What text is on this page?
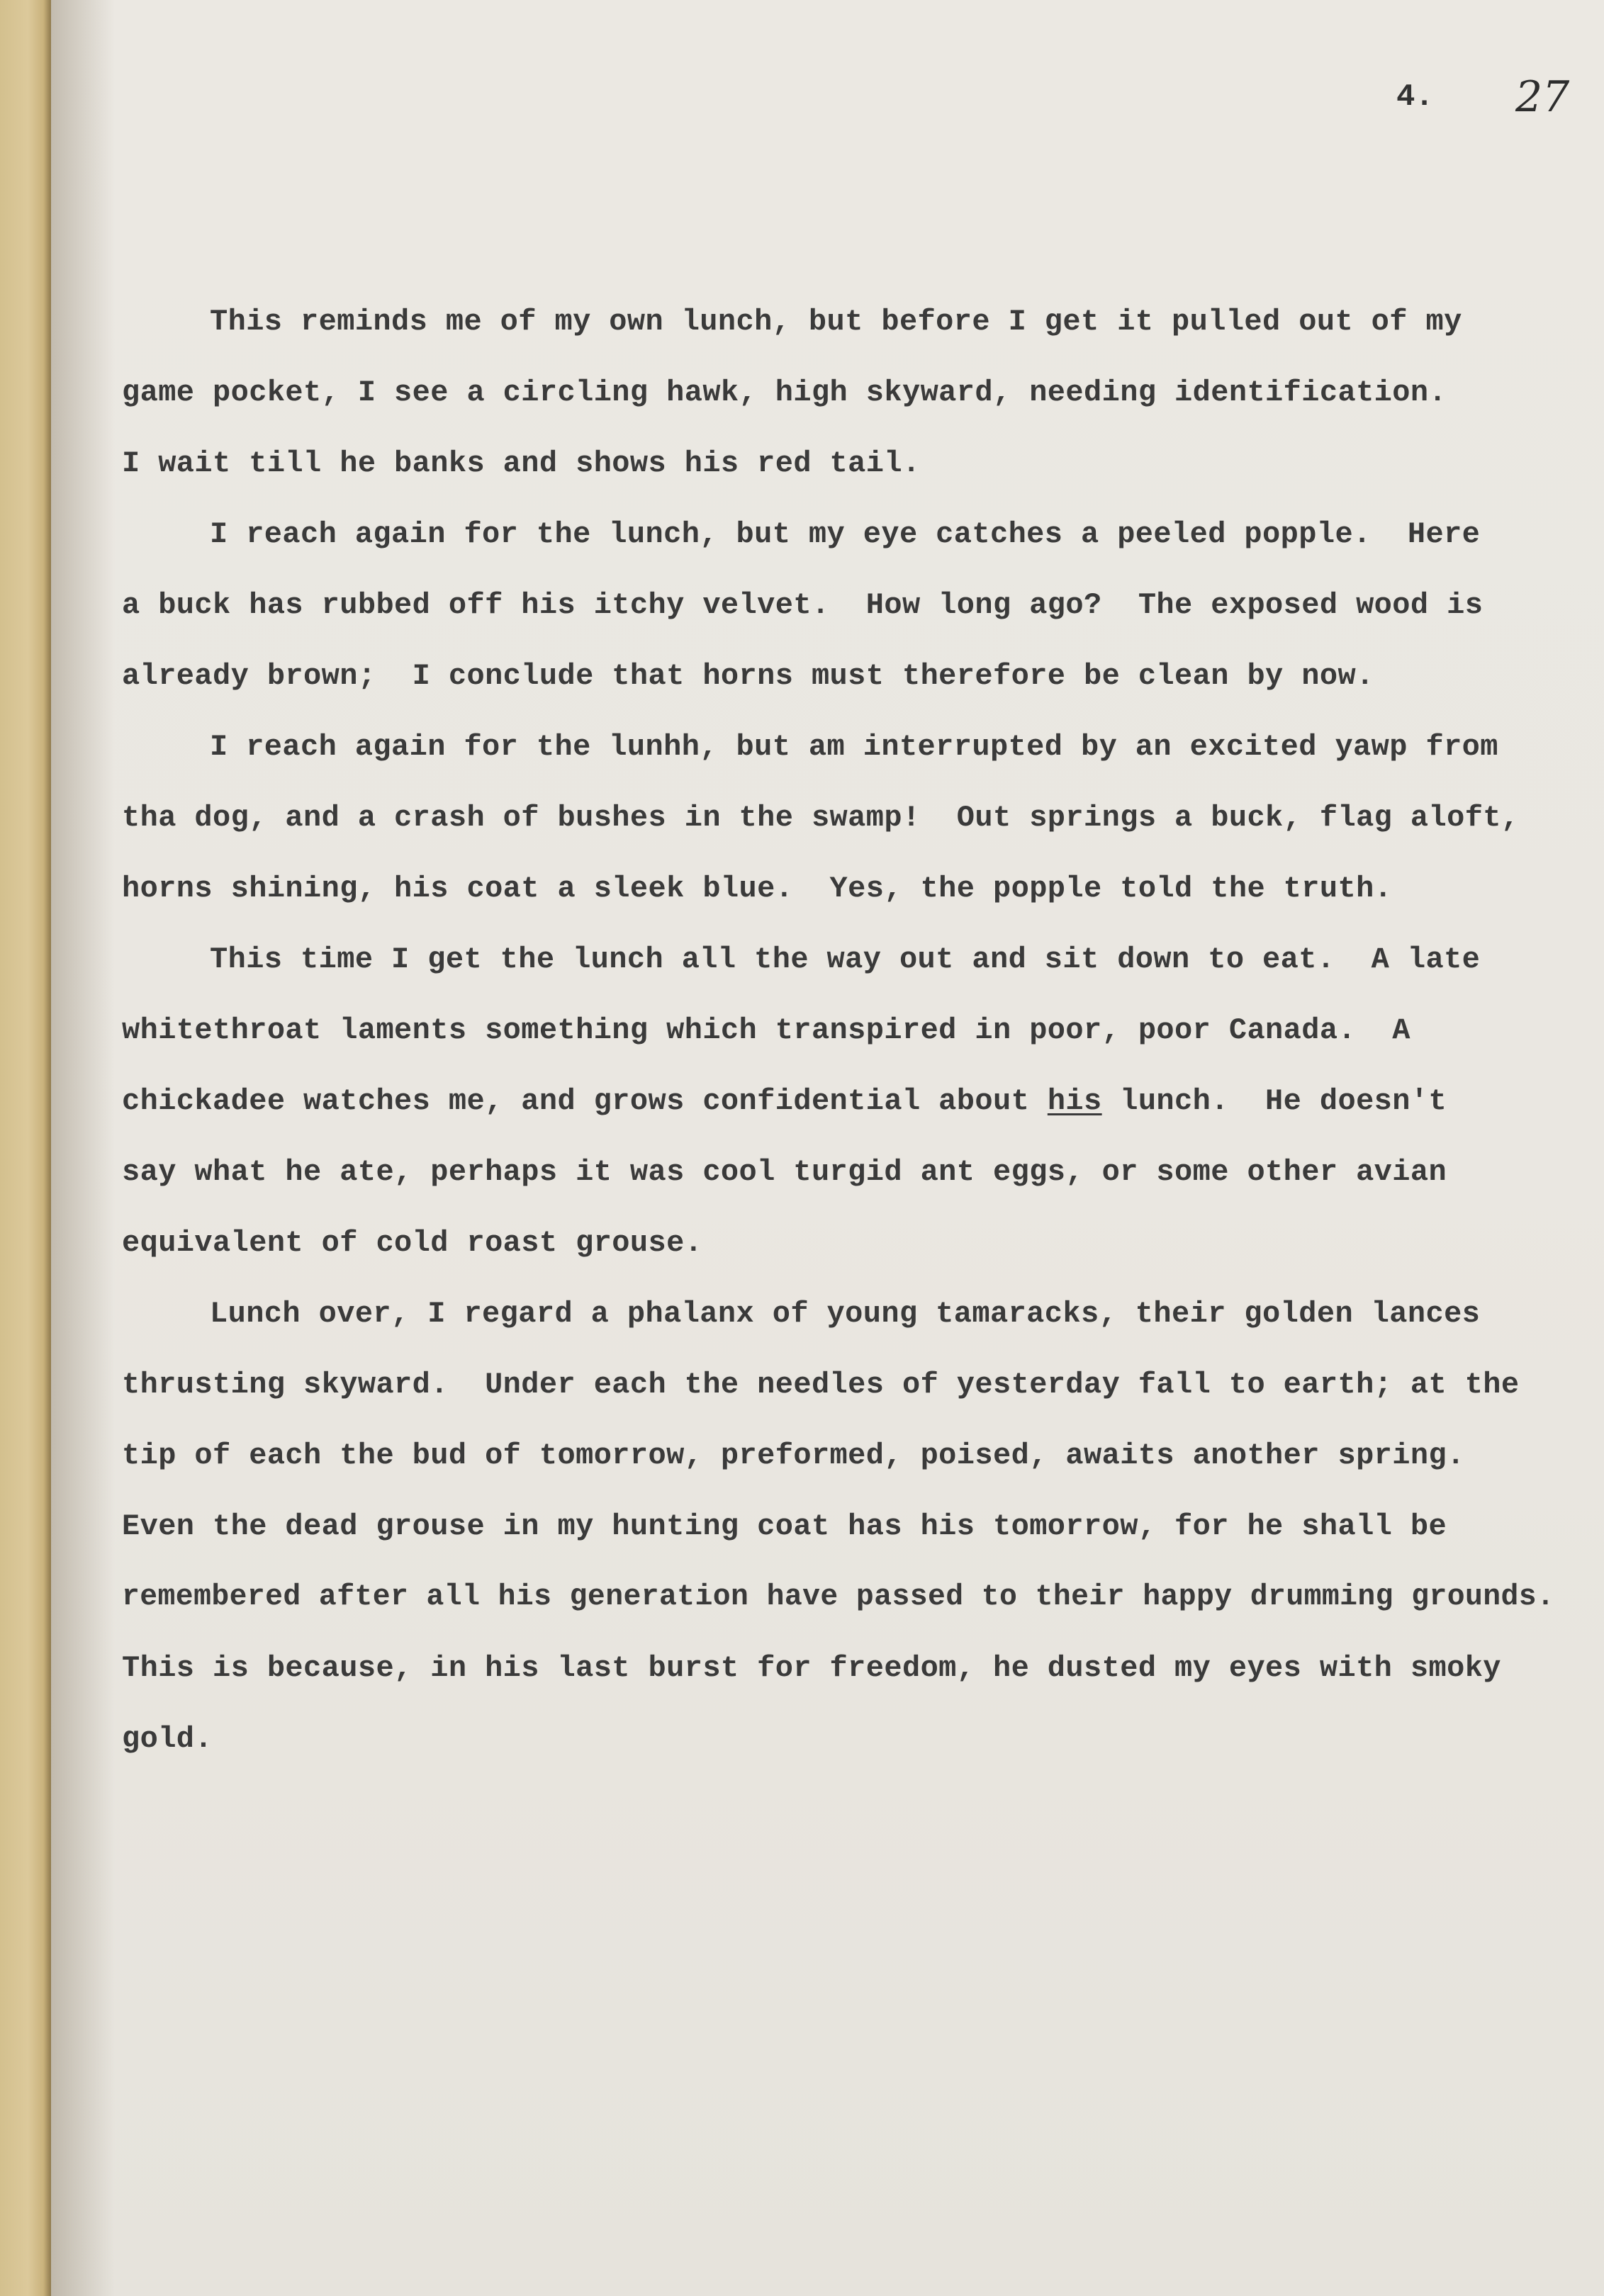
4. 27
This reminds me of my own lunch, but before I get it pulled out of my
game pocket, I see a circling hawk, high skyward, needing identification.
I wait till he banks and shows his red tail.
I reach again for the lunch, but my eye catches a peeled popple.  Here
a buck has rubbed off his itchy velvet.  How long ago?  The exposed wood is
already brown;  I conclude that horns must therefore be clean by now.
I reach again for the lunhh, but am interrupted by an excited yawp from
tha dog, and a crash of bushes in the swamp!  Out springs a buck, flag aloft,
horns shining, his coat a sleek blue.  Yes, the popple told the truth.
This time I get the lunch all the way out and sit down to eat.  A late
whitethroat laments something which transpired in poor, poor Canada.  A
chickadee watches me, and grows confidential about his lunch.  He doesn't
say what he ate, perhaps it was cool turgid ant eggs, or some other avian
equivalent of cold roast grouse.
Lunch over, I regard a phalanx of young tamaracks, their golden lances
thrusting skyward.  Under each the needles of yesterday fall to earth; at the
tip of each the bud of tomorrow, preformed, poised, awaits another spring.
Even the dead grouse in my hunting coat has his tomorrow, for he shall be
remembered after all his generation have passed to their happy drumming grounds.
This is because, in his last burst for freedom, he dusted my eyes with smoky
gold.
